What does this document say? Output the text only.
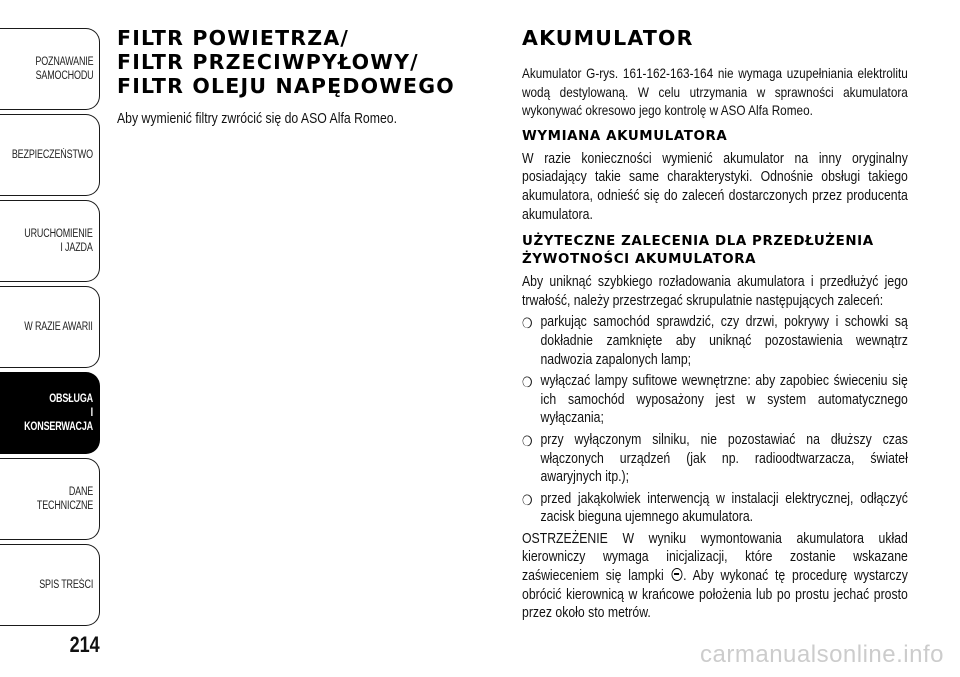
POZNAWANIE
SAMOCHODU
BEZPIECZEŃSTWO
URUCHOMIENIE
I JAZDA
W RAZIE AWARII
OBSŁUGA
I KONSERWACJA
DANE
TECHNICZNE
SPIS TREŚCI
214
FILTR POWIETRZA/
FILTR PRZECIWPYŁOWY/
FILTR OLEJU NAPĘDOWEGO

Aby wymienić filtry zwrócić się do ASO Alfa Romeo.

AKUMULATOR

Akumulator G-rys. 161-162-163-164 nie wymaga uzupełniania elektrolitu wodą destylowaną. W celu utrzymania w sprawności akumulatora wykonywać okresowo jego kontrolę w ASO Alfa Romeo.

WYMIANA AKUMULATORA

W razie konieczności wymienić akumulator na inny oryginalny posiadający takie same charakterystyki. Odnośnie obsługi takiego akumulatora, odnieść się do zaleceń dostarczonych przez producenta akumulatora.

UŻYTECZNE ZALECENIA DLA PRZEDŁUŻENIA
ŻYWOTNOŚCI AKUMULATORA

Aby uniknąć szybkiego rozładowania akumulatora i przedłużyć jego trwałość, należy przestrzegać skrupulatnie następujących zaleceń:

❍ parkując samochód sprawdzić, czy drzwi, pokrywy i schowki są dokładnie zamknięte aby uniknąć pozostawienia wewnątrz nadwozia zapalonych lamp;
❍ wyłączać lampy sufitowe wewnętrzne: aby zapobiec świeceniu się ich samochód wyposażony jest w system automatycznego wyłączania;
❍ przy wyłączonym silniku, nie pozostawiać na dłuższy czas włączonych urządzeń (jak np. radioodtwarzacza, świateł awaryjnych itp.);
❍ przed jakąkolwiek interwencją w instalacji elektrycznej, odłączyć zacisk bieguna ujemnego akumulatora.

OSTRZEŻENIE W wyniku wymontowania akumulatora układ kierowniczy wymaga inicjalizacji, które zostanie wskazane zaświeceniem się lampki . Aby wykonać tę procedurę wystarczy obrócić kierownicą w krańcowe położenia lub po prostu jechać prosto przez około sto metrów.

carmanualsonline.info
